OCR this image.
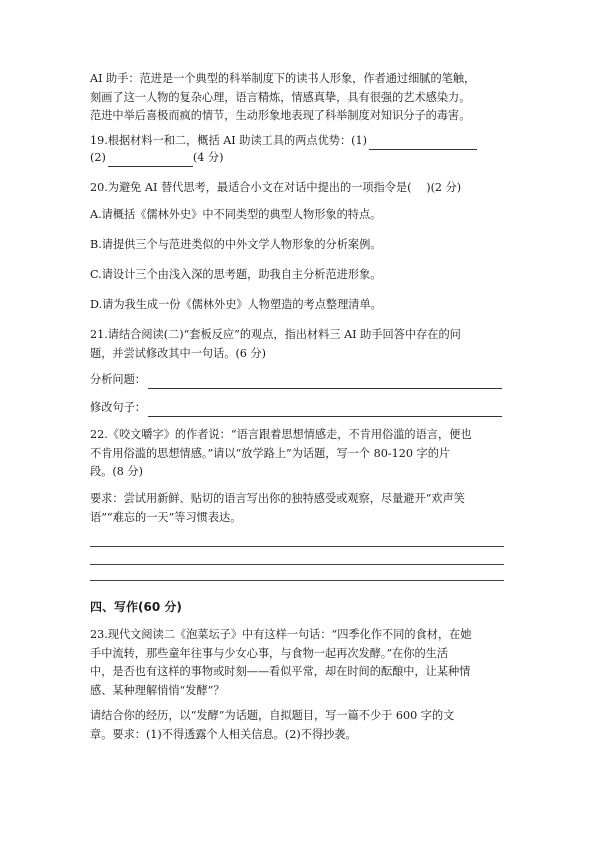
AI 助手：范进是一个典型的科举制度下的读书人形象，作者通过细腻的笔触，

刻画了这一人物的复杂心理，语言精炼，情感真挚，具有很强的艺术感染力。

范进中举后喜极而疯的情节，生动形象地表现了科举制度对知识分子的毒害。

19.根据材料一和二，概括 AI 助读工具的两点优势：(1)
(2)	(4 分)

20.为避免 AI 替代思考，最适合小文在对话中提出的一项指令是(　 )(2 分)

A.请概括《儒林外史》中不同类型的典型人物形象的特点。

B.请提供三个与范进类似的中外文学人物形象的分析案例。

C.请设计三个由浅入深的思考题，助我自主分析范进形象。

D.请为我生成一份《儒林外史》人物塑造的考点整理清单。

21.请结合阅读(二)“套板反应”的观点，指出材料三 AI 助手回答中存在的问

题，并尝试修改其中一句话。(6 分)

分析问题：
修改句子：

22.《咬文嚼字》的作者说：“语言跟着思想情感走，不肯用俗滥的语言，便也

不肯用俗滥的思想情感。”请以“放学路上”为话题，写一个 80-120 字的片

段。(8 分)

要求：尝试用新鲜、贴切的语言写出你的独特感受或观察，尽量避开“欢声笑

语”“难忘的一天”等习惯表达。

四、写作(60 分)

23.现代文阅读二《泡菜坛子》中有这样一句话：“四季化作不同的食材，在她

手中流转，那些童年往事与少女心事，与食物一起再次发酵。”在你的生活

中，是否也有这样的事物或时刻——看似平常，却在时间的酝酿中，让某种情

感、某种理解悄悄“发酵”？

请结合你的经历，以“发酵”为话题，自拟题目，写一篇不少于 600 字的文

章。要求：(1)不得透露个人相关信息。(2)不得抄袭。
